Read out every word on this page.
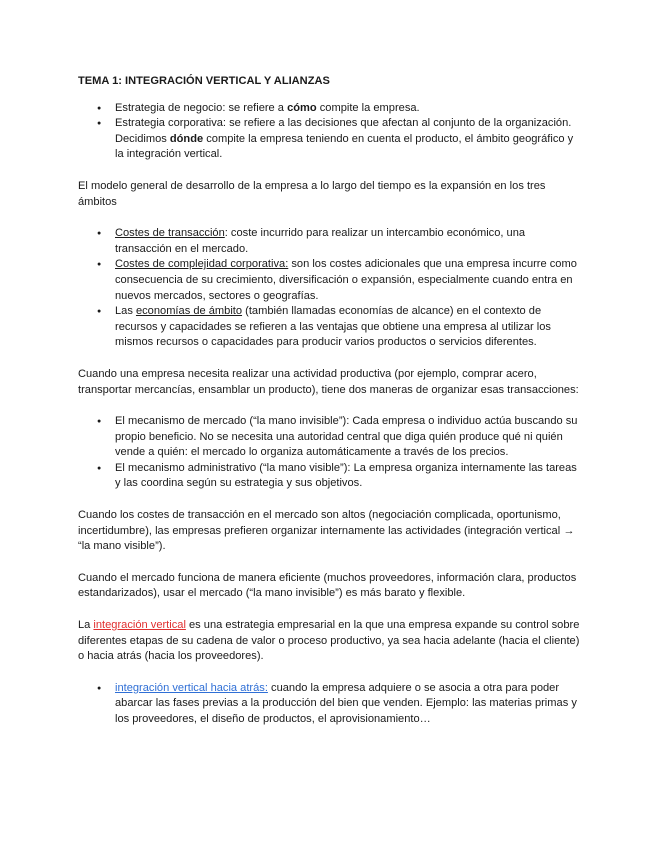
TEMA 1: INTEGRACIÓN VERTICAL Y ALIANZAS
● Estrategia de negocio: se refiere a cómo compite la empresa.
● Estrategia corporativa: se refiere a las decisiones que afectan al conjunto de la organización. Decidimos dónde compite la empresa teniendo en cuenta el producto, el ámbito geográfico y la integración vertical.

El modelo general de desarrollo de la empresa a lo largo del tiempo es la expansión en los tres ámbitos

● Costes de transacción: coste incurrido para realizar un intercambio económico, una transacción en el mercado.
● Costes de complejidad corporativa: son los costes adicionales que una empresa incurre como consecuencia de su crecimiento, diversificación o expansión, especialmente cuando entra en nuevos mercados, sectores o geografías.
● Las economías de ámbito (también llamadas economías de alcance) en el contexto de recursos y capacidades se refieren a las ventajas que obtiene una empresa al utilizar los mismos recursos o capacidades para producir varios productos o servicios diferentes.

Cuando una empresa necesita realizar una actividad productiva (por ejemplo, comprar acero, transportar mercancías, ensamblar un producto), tiene dos maneras de organizar esas transacciones:

● El mecanismo de mercado (“la mano invisible”): Cada empresa o individuo actúa buscando su propio beneficio. No se necesita una autoridad central que diga quién produce qué ni quién vende a quién: el mercado lo organiza automáticamente a través de los precios.
● El mecanismo administrativo (“la mano visible”): La empresa organiza internamente las tareas y las coordina según su estrategia y sus objetivos.

Cuando los costes de transacción en el mercado son altos (negociación complicada, oportunismo, incertidumbre), las empresas prefieren organizar internamente las actividades (integración vertical → “la mano visible”).

Cuando el mercado funciona de manera eficiente (muchos proveedores, información clara, productos estandarizados), usar el mercado (“la mano invisible”) es más barato y flexible.

La integración vertical es una estrategia empresarial en la que una empresa expande su control sobre diferentes etapas de su cadena de valor o proceso productivo, ya sea hacia adelante (hacia el cliente) o hacia atrás (hacia los proveedores).

● integración vertical hacia atrás: cuando la empresa adquiere o se asocia a otra para poder abarcar las fases previas a la producción del bien que venden. Ejemplo: las materias primas y los proveedores, el diseño de productos, el aprovisionamiento…
